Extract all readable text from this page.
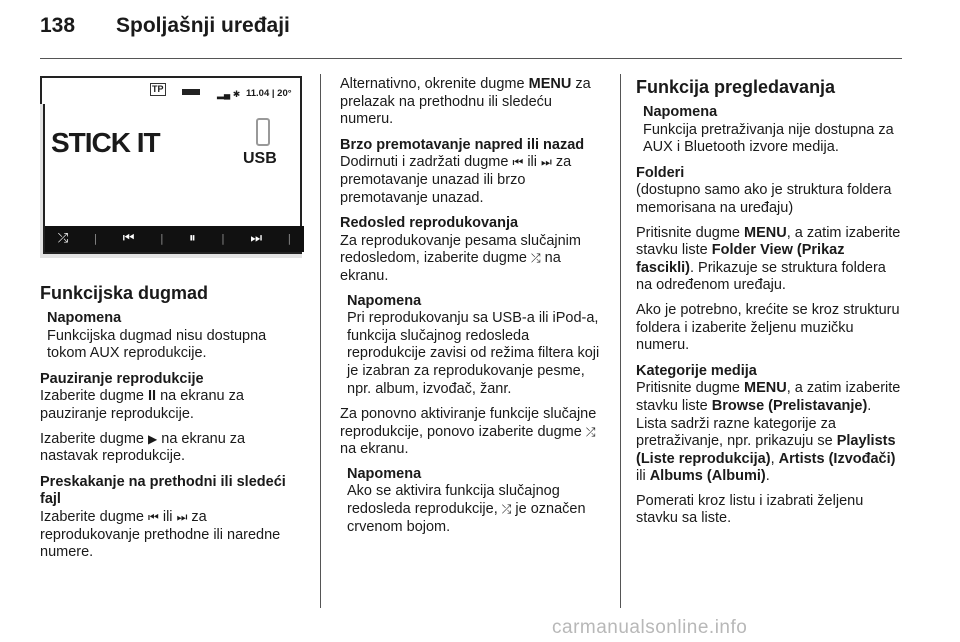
138 Spoljašnji uređaji
TP	▂▄ ✱ 11.04 | 20°
STICK IT
USB
⤮ | ⏮ | ⏸ | ⏭ |
Funkcijska dugmad
Napomena
Funkcijska dugmad nisu dostupna tokom AUX reprodukcije.
Pauziranje reprodukcije

Izaberite dugme II na ekranu za pauziranje reprodukcije.

Izaberite dugme ▶ na ekranu za nastavak reprodukcije.

Preskakanje na prethodni ili sledeći fajl

Izaberite dugme ⏮ ili ⏭ za reprodukovanje prethodne ili naredne numere.

Alternativno, okrenite dugme MENU za prelazak na prethodnu ili sledeću numeru.

Brzo premotavanje napred ili nazad

Dodirnuti i zadržati dugme ⏮ ili ⏭ za premotavanje unazad ili brzo premotavanje unazad.

Redosled reprodukovanja

Za reprodukovanje pesama slučajnim redosledom, izaberite dugme ⤮ na ekranu.

Napomena
Pri reprodukovanju sa USB-a ili iPod-a, funkcija slučajnog redosleda reprodukcije zavisi od režima filtera koji je izabran za reprodukovanje pesme, npr. album, izvođač, žanr.

Za ponovno aktiviranje funkcije slučajne reprodukcije, ponovo izaberite dugme ⤮ na ekranu.

Napomena
Ako se aktivira funkcija slučajnog redosleda reprodukcije, ⤮ je označen crvenom bojom.
Funkcija pregledavanja
Napomena
Funkcija pretraživanja nije dostupna za AUX i Bluetooth izvore medija.
Folderi

(dostupno samo ako je struktura foldera memorisana na uređaju)

Pritisnite dugme MENU, a zatim izaberite stavku liste Folder View (Prikaz fascikli). Prikazuje se struktura foldera na određenom uređaju.

Ako je potrebno, krećite se kroz strukturu foldera i izaberite željenu muzičku numeru.

Kategorije medija

Pritisnite dugme MENU, a zatim izaberite stavku liste Browse (Prelistavanje). Lista sadrži razne kategorije za pretraživanje, npr. prikazuju se Playlists (Liste reprodukcija), Artists (Izvođači) ili Albums (Albumi).

Pomerati kroz listu i izabrati željenu stavku sa liste.

carmanualsonline.info
